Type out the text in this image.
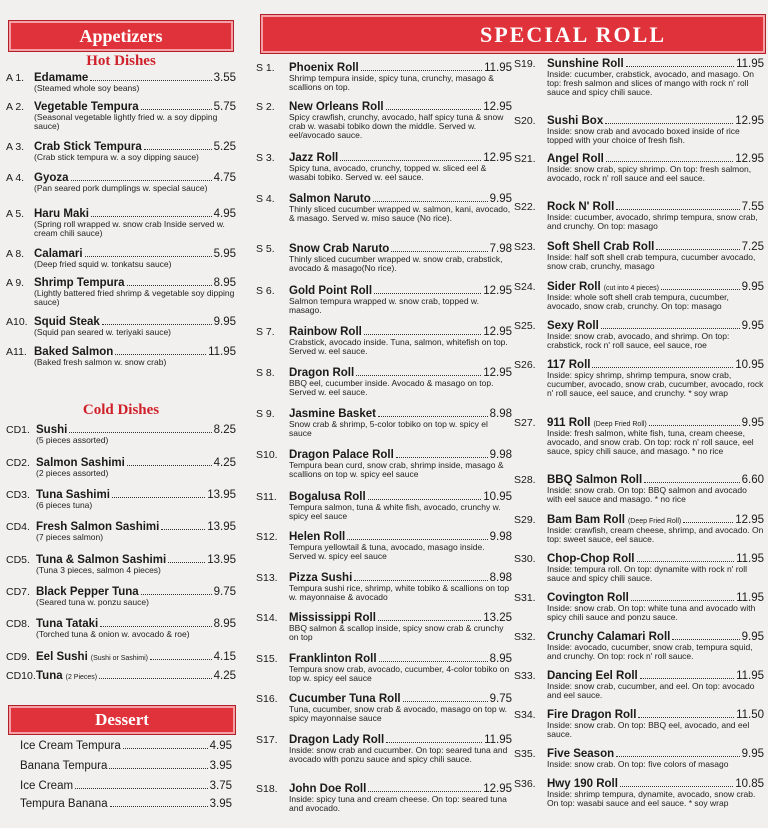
Appetizers
Hot Dishes
A 1. Edamame	3.55
(Steamed whole soy beans)
A 2. Vegetable Tempura	5.75
(Seasonal vegetable lightly fried w. a soy dipping sauce)
A 3. Crab Stick Tempura	5.25
(Crab stick tempura w. a soy dipping sauce)
A 4. Gyoza	4.75
(Pan seared pork dumplings w. special sauce)
A 5. Haru Maki	4.95
(Spring roll wrapped w. snow crab Inside served w. cream chili sauce)
A 8. Calamari	5.95
(Deep fried squid w. tonkatsu sauce)
A 9. Shrimp Tempura	8.95
(Lightly battered fried shrimp & vegetable soy dipping sauce)
A10. Squid Steak	9.95
(Squid pan seared w. teriyaki sauce)
A11. Baked Salmon	11.95
(Baked fresh salmon w. snow crab)
Cold Dishes
CD1. Sushi	8.25
(5 pieces assorted)
CD2. Salmon Sashimi	4.25
(2 pieces assorted)
CD3. Tuna Sashimi	13.95
(6 pieces tuna)
CD4. Fresh Salmon Sashimi	13.95
(7 pieces salmon)
CD5. Tuna & Salmon Sashimi	13.95
(Tuna 3 pieces, salmon 4 pieces)
CD7. Black Pepper Tuna	9.75
(Seared tuna w. ponzu sauce)
CD8. Tuna Tataki	8.95
(Torched tuna & onion w. avocado & roe)
CD9. Eel Sushi (Sushi or Sashimi)	4.15
CD10. Tuna (2 Pieces)	4.25
Dessert
Ice Cream Tempura	4.95
Banana Tempura	3.95
Ice Cream	3.75
Tempura Banana	3.95
SPECIAL ROLL
S 1.	Phoenix Roll	11.95
Shrimp tempura inside, spicy tuna, crunchy, masago & scallions on top.
S 2.	New Orleans Roll	12.95
Spicy crawfish, crunchy, avocado, half spicy tuna & snow crab w. wasabi tobiko down the middle. Served w. eel/avocado sauce.
S 3.	Jazz Roll	12.95
Spicy tuna, avocado, crunchy, topped w. sliced eel & wasabi tobiko. Served w. eel sauce.
S 4.	Salmon Naruto	9.95
Thinly sliced cucumber wrapped w. salmon, kani, avocado, & masago. Served w. miso sauce (No rice).
S 5.	Snow Crab Naruto	7.98
Thinly sliced cucumber wrapped w. snow crab, crabstick, avocado & masago(No rice).
S 6.	Gold Point Roll	12.95
Salmon tempura wrapped w. snow crab, topped w. masago.
S 7.	Rainbow Roll	12.95
Crabstick, avocado inside. Tuna, salmon, whitefish on top. Served w. eel sauce.
S 8.	Dragon Roll	12.95
BBQ eel, cucumber inside. Avocado & masago on top. Served w. eel sauce.
S 9.	Jasmine Basket	8.98
Snow crab & shrimp, 5-color tobiko on top w. spicy el sauce
S10. Dragon Palace Roll	9.98
Tempura bean curd, snow crab, shrimp inside, masago & scallions on top w. spicy eel sauce
S11.	Bogalusa Roll	10.95
Tempura salmon, tuna & white fish, avocado, crunchy w. spicy eel sauce
S12. Helen Roll	9.98
Tempura yellowtail & tuna, avocado, masago inside. Served w. spicy eel sauce
S13. Pizza Sushi	8.98
Tempura sushi rice, shrimp, white tobiko & scallions on top w. mayonnaise & avocado
S14. Mississippi Roll	13.25
BBQ salmon & scallop inside, spicy snow crab & crunchy on top
S15. Franklinton Roll	8.95
Tempura snow crab, avocado, cucumber, 4-color tobiko on top w. spicy eel sauce
S16. Cucumber Tuna Roll	9.75
Tuna, cucumber, snow crab & avocado, masago on top w. spicy mayonnaise sauce
S17. Dragon Lady Roll	11.95
Inside: snow crab and cucumber. On top: seared tuna and avocado with ponzu sauce and spicy chili sauce.
S18. John Doe Roll	12.95
Inside: spicy tuna and cream cheese. On top: seared tuna and avocado.
S19. Sunshine Roll	11.95
Inside: cucumber, crabstick, avocado, and masago. On top: fresh salmon and slices of mango with rock n' roll sauce and spicy chili sauce.
S20. Sushi Box	12.95
Inside: snow crab and avocado boxed inside of rice topped with your choice of fresh fish.
S21. Angel Roll	12.95
Inside: snow crab, spicy shrimp. On top: fresh salmon, avocado, rock n' roll sauce and eel sauce.
S22. Rock N' Roll	7.55
Inside: cucumber, avocado, shrimp tempura, snow crab, and crunchy. On top: masago
S23. Soft Shell Crab Roll	7.25
Inside: half soft shell crab tempura, cucumber avocado, snow crab, crunchy, masago
S24. Sider Roll (cut into 4 pieces)	9.95
Inside: whole soft shell crab tempura, cucumber, avocado, snow crab, crunchy. On top: masago
S25. Sexy Roll	9.95
Inside: snow crab, avocado, and shrimp. On top: crabstick, rock n' roll sauce, eel sauce, roe
S26. 117 Roll	10.95
Inside: spicy shrimp, shrimp tempura, snow crab, cucumber, avocado, snow crab, cucumber, avocado, rock n' roll sauce, eel sauce, and crunchy. * soy wrap
S27. 911 Roll (Deep Fried Roll)	9.95
Inside: fresh salmon, white fish, tuna, cream cheese, avocado, and snow crab. On top: rock n' roll sauce, eel sauce, spicy chili sauce, and masago. * no rice
S28. BBQ Salmon Roll	6.60
Inside: snow crab. On top: BBQ salmon and avocado with eel sauce and masago. * no rice
S29. Bam Bam Roll (Deep Fried Roll)	12.95
Inside: crawfish, cream cheese, shrimp, and avocado. On top: sweet sauce, eel sauce.
S30. Chop-Chop Roll	11.95
Inside: tempura roll. On top: dynamite with rock n' roll sauce and spicy chili sauce.
S31. Covington Roll	11.95
Inside: snow crab. On top: white tuna and avocado with spicy chili sauce and ponzu sauce.
S32. Crunchy Calamari Roll	9.95
Inside: avocado, cucumber, snow crab, tempura squid, and crunchy. On top: rock n' roll sauce.
S33. Dancing Eel Roll	11.95
Inside: snow crab, cucumber, and eel. On top: avocado and eel sauce.
S34. Fire Dragon Roll	11.50
Inside: snow crab. On top: BBQ eel, avocado, and eel sauce.
S35. Five Season	9.95
Inside: snow crab. On top: five colors of masago
S36. Hwy 190 Roll	10.85
Inside: shrimp tempura, dynamite, avocado, snow crab. On top: wasabi sauce and eel sauce. * soy wrap
